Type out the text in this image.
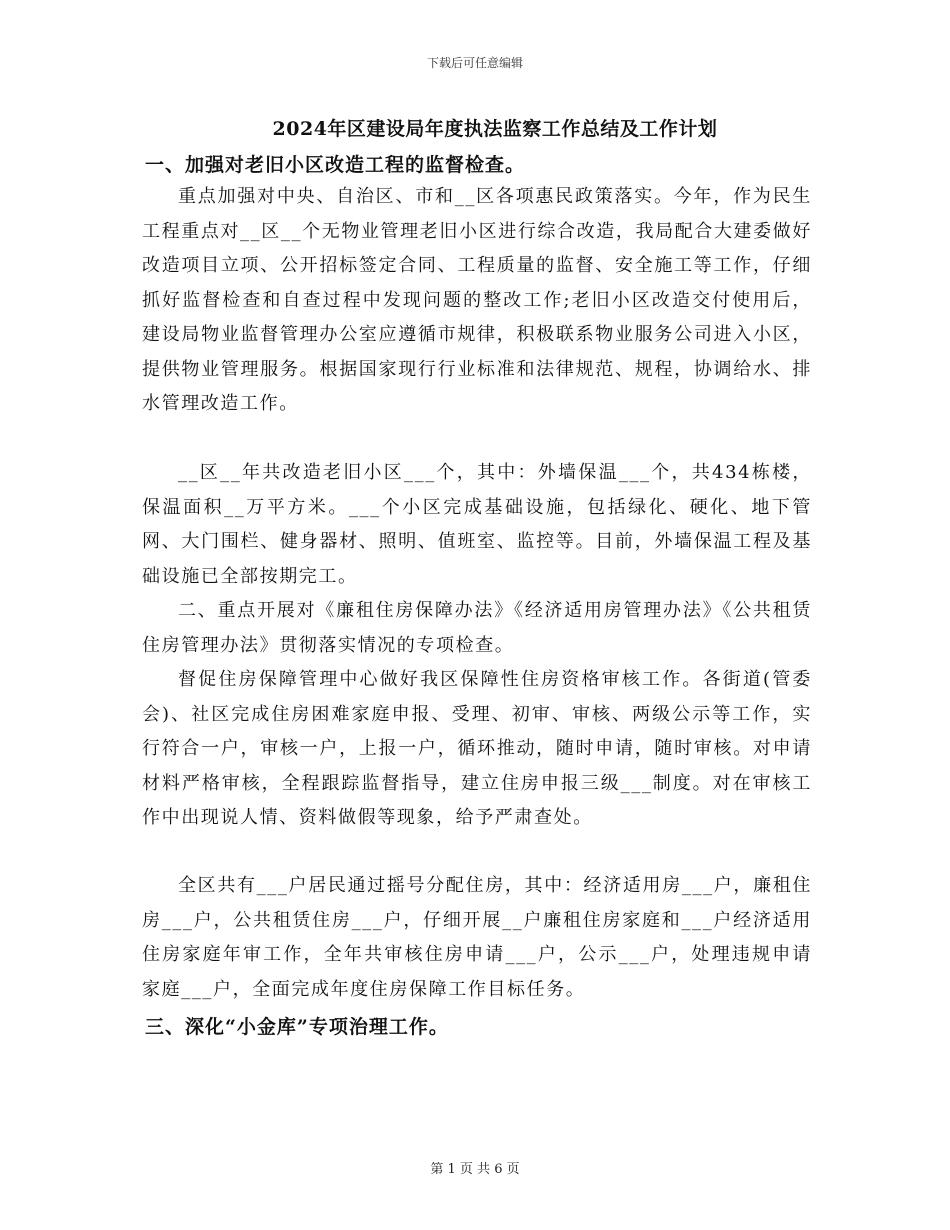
下载后可任意编辑
2024年区建设局年度执法监察工作总结及工作计划
一、加强对老旧小区改造工程的监督检查。
重点加强对中央、自治区、市和__区各项惠民政策落实。今年，作为民生工程重点对__区__个无物业管理老旧小区进行综合改造，我局配合大建委做好改造项目立项、公开招标签定合同、工程质量的监督、安全施工等工作，仔细抓好监督检查和自查过程中发现问题的整改工作;老旧小区改造交付使用后，建设局物业监督管理办公室应遵循市规律，积极联系物业服务公司进入小区，提供物业管理服务。根据国家现行行业标准和法律规范、规程，协调给水、排水管理改造工作。
__区__年共改造老旧小区___个，其中：外墙保温___个，共434栋楼，保温面积__万平方米。___个小区完成基础设施，包括绿化、硬化、地下管网、大门围栏、健身器材、照明、值班室、监控等。目前，外墙保温工程及基础设施已全部按期完工。
二、重点开展对《廉租住房保障办法》《经济适用房管理办法》《公共租赁住房管理办法》贯彻落实情况的专项检查。
督促住房保障管理中心做好我区保障性住房资格审核工作。各街道(管委会)、社区完成住房困难家庭申报、受理、初审、审核、两级公示等工作，实行符合一户，审核一户，上报一户，循环推动，随时申请，随时审核。对申请材料严格审核，全程跟踪监督指导，建立住房申报三级___制度。对在审核工作中出现说人情、资料做假等现象，给予严肃查处。
全区共有___户居民通过摇号分配住房，其中：经济适用房___户，廉租住房___户，公共租赁住房___户，仔细开展__户廉租住房家庭和___户经济适用住房家庭年审工作，全年共审核住房申请___户，公示___户，处理违规申请家庭___户，全面完成年度住房保障工作目标任务。
三、深化“小金库”专项治理工作。
第 1 页 共 6 页
